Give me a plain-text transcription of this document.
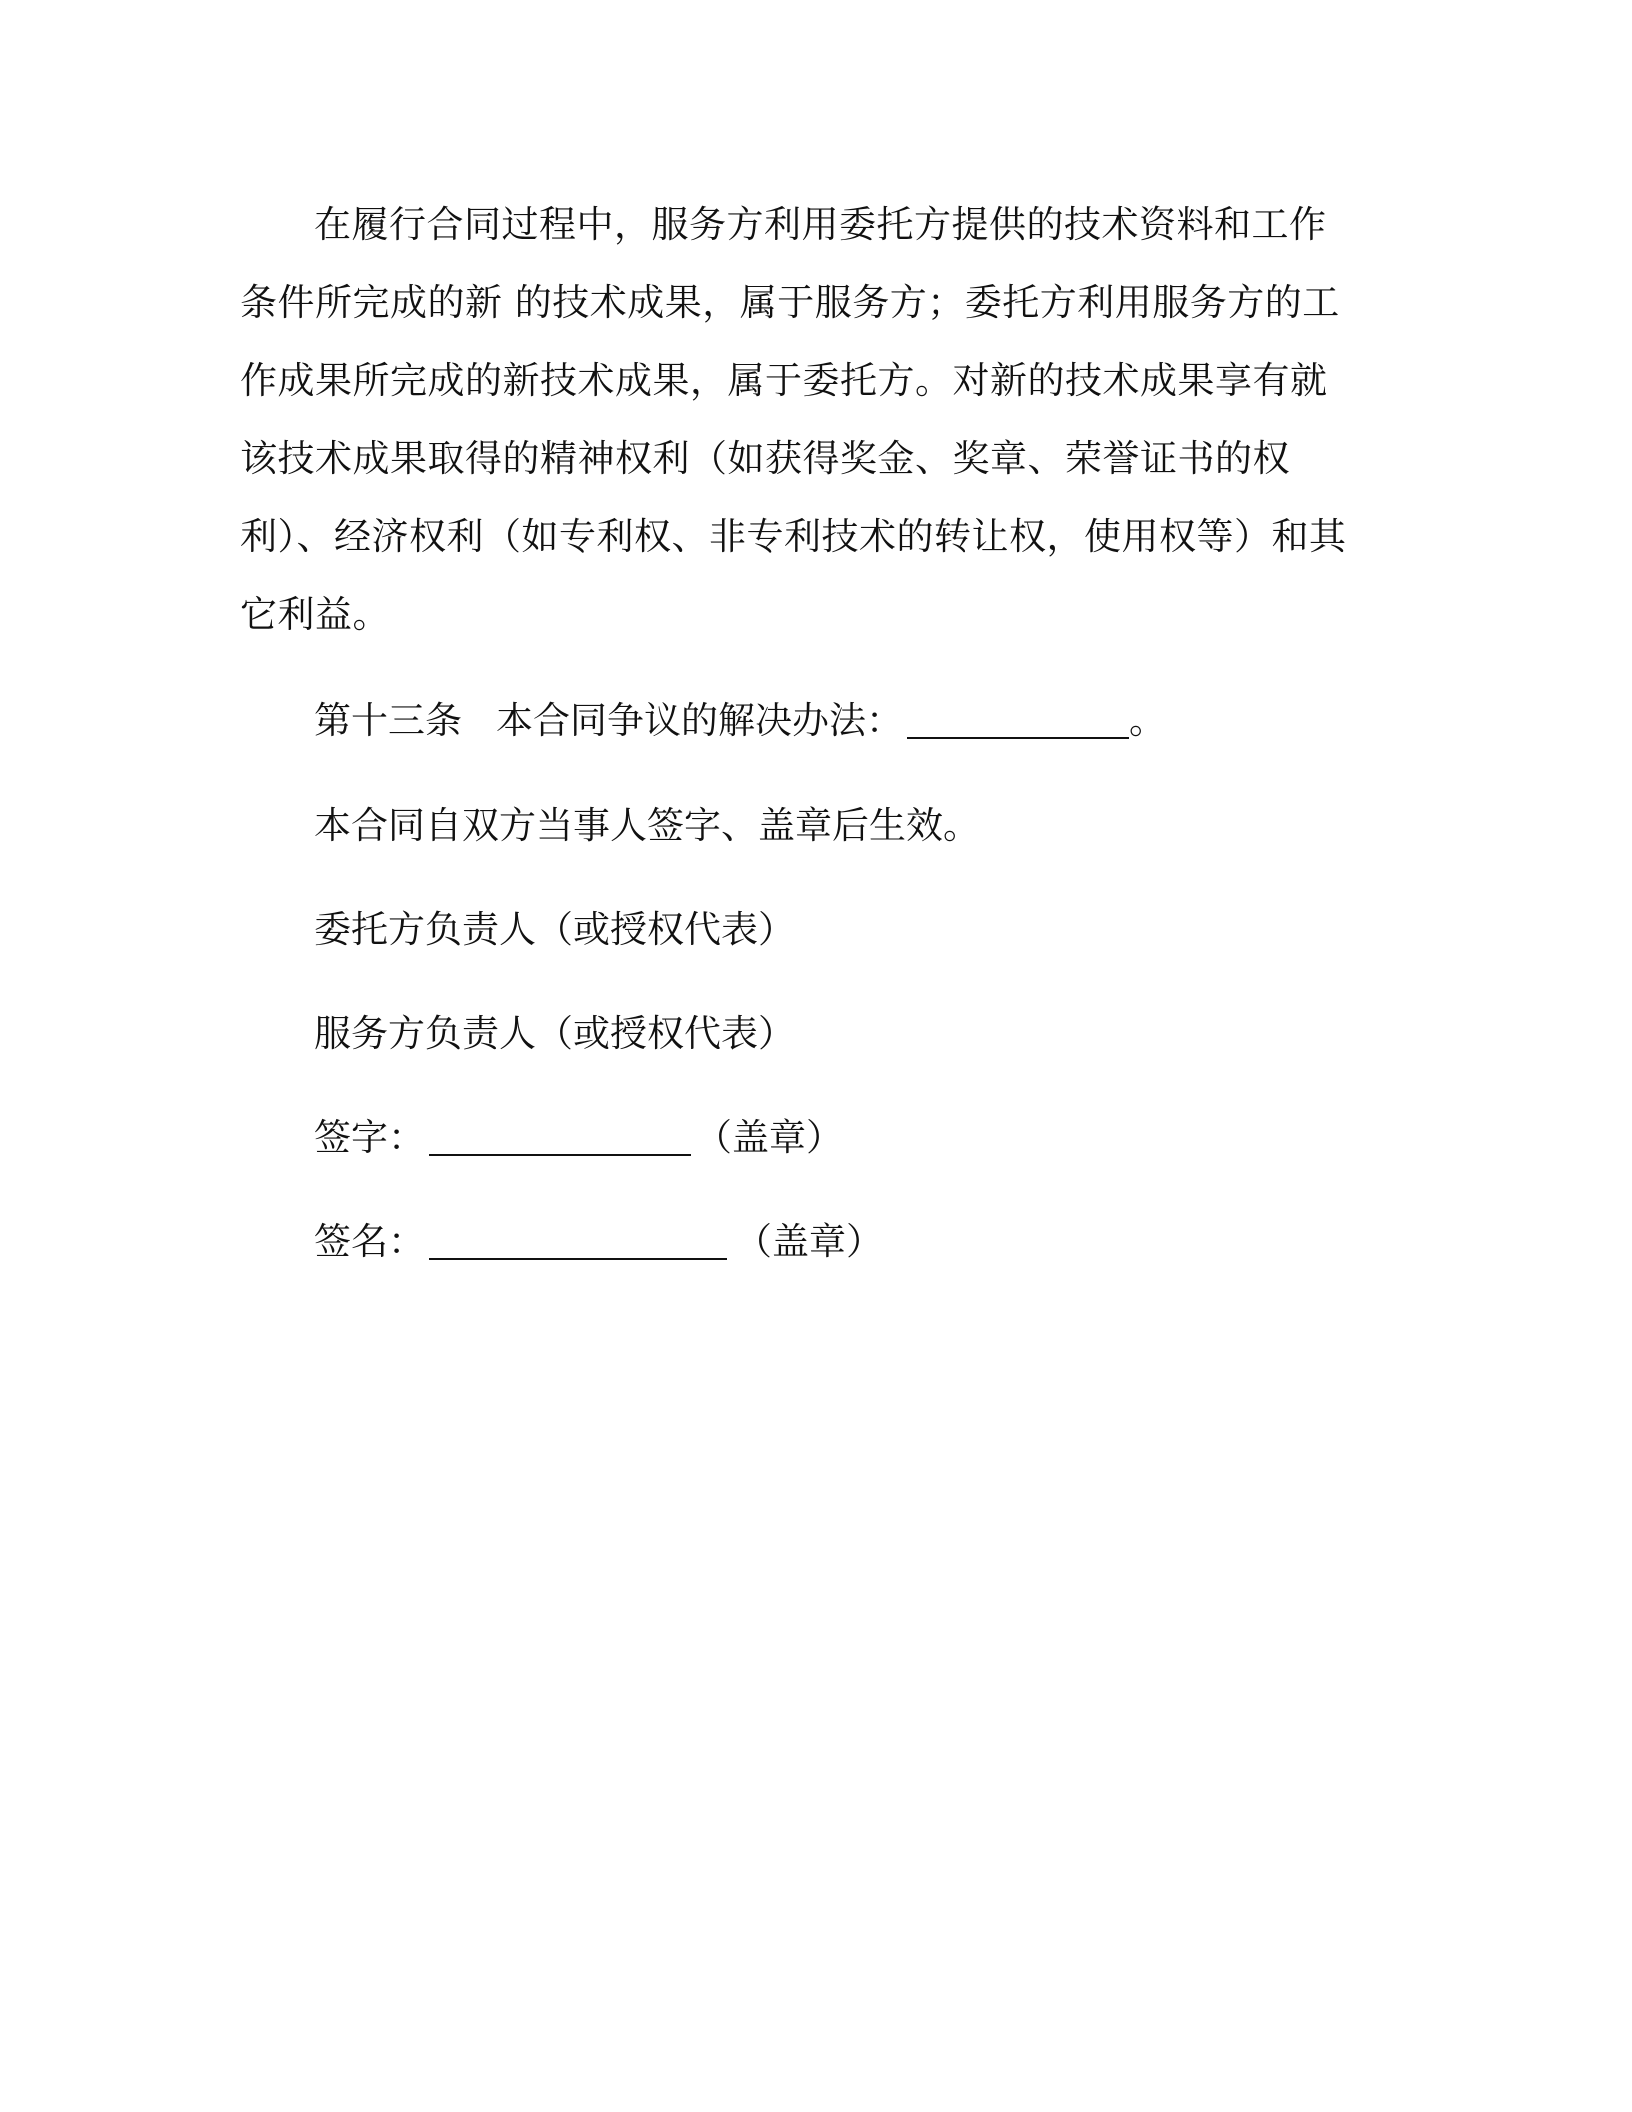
在履行合同过程中，服务方利用委托方提供的技术资料和工作条件所完成的新 的技术成果，属于服务方；委托方利用服务方的工作成果所完成的新技术成果，属于委托方。对新的技术成果享有就该技术成果取得的精神权利（如获得奖金、奖章、荣誉证书的权利）、经济权利（如专利权、非专利技术的转让权，使用权等）和其它利益。

第十三条 本合同争议的解决办法：	。

本合同自双方当事人签字、盖章后生效。

委托方负责人（或授权代表）

服务方负责人（或授权代表）

签字：	（盖章）

签名：	（盖章）
